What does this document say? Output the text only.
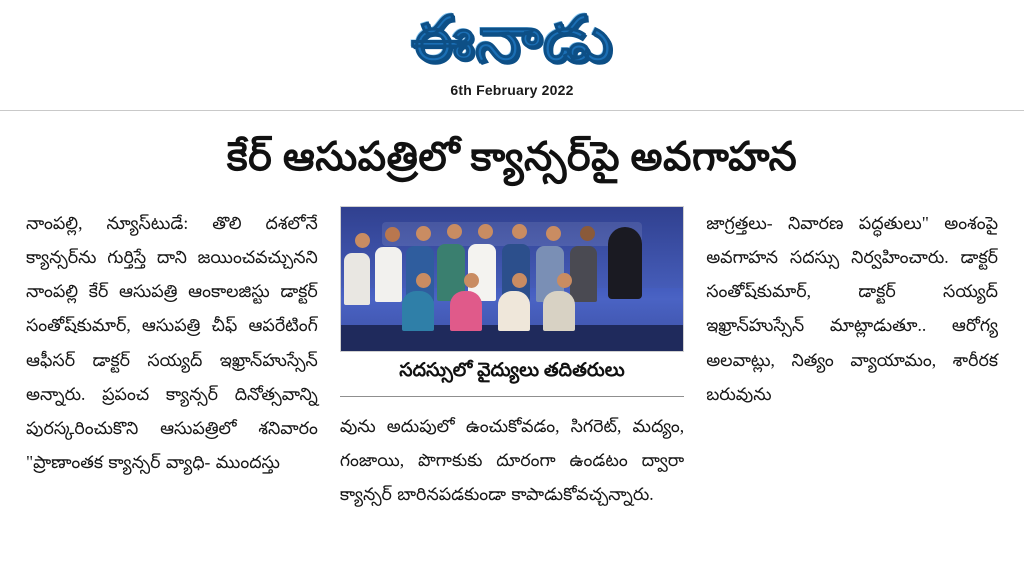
ఈనాడు
6th February 2022
కేర్ ఆసుపత్రిలో క్యాన్సర్‌పై అవగాహన

నాంపల్లి, న్యూస్‌టుడే: తొలి దశలోనే క్యాన్సర్‌ను గుర్తిస్తే దాని జయించవచ్చునని నాంపల్లి కేర్ ఆసుపత్రి ఆంకాలజిస్టు డాక్టర్ సంతోష్‌కుమార్, ఆసుపత్రి చీఫ్ ఆపరేటింగ్ ఆఫీసర్ డాక్టర్ సయ్యద్ ఇఖ్రాన్‌హుస్సేన్ అన్నారు. ప్రపంచ క్యాన్సర్ దినోత్సవాన్ని పురస్కరించుకొని ఆసుపత్రిలో శనివారం "ప్రాణాంతక క్యాన్సర్ వ్యాధి- ముందస్తు

సదస్సులో వైద్యులు తదితరులు

వును అదుపులో ఉంచుకోవడం, సిగరెట్, మద్యం, గంజాయి, పొగాకుకు దూరంగా ఉండటం ద్వారా క్యాన్సర్ బారినపడకుండా కాపాడుకోవచ్చన్నారు.

జాగ్రత్తలు- నివారణ పద్ధతులు" అంశంపై అవగాహన సదస్సు నిర్వహించారు. డాక్టర్ సంతోష్‌కుమార్, డాక్టర్ సయ్యద్ ఇఖ్రాన్‌హుస్సేన్ మాట్లాడుతూ.. ఆరోగ్య అలవాట్లు, నిత్యం వ్యాయామం, శారీరక బరువును
